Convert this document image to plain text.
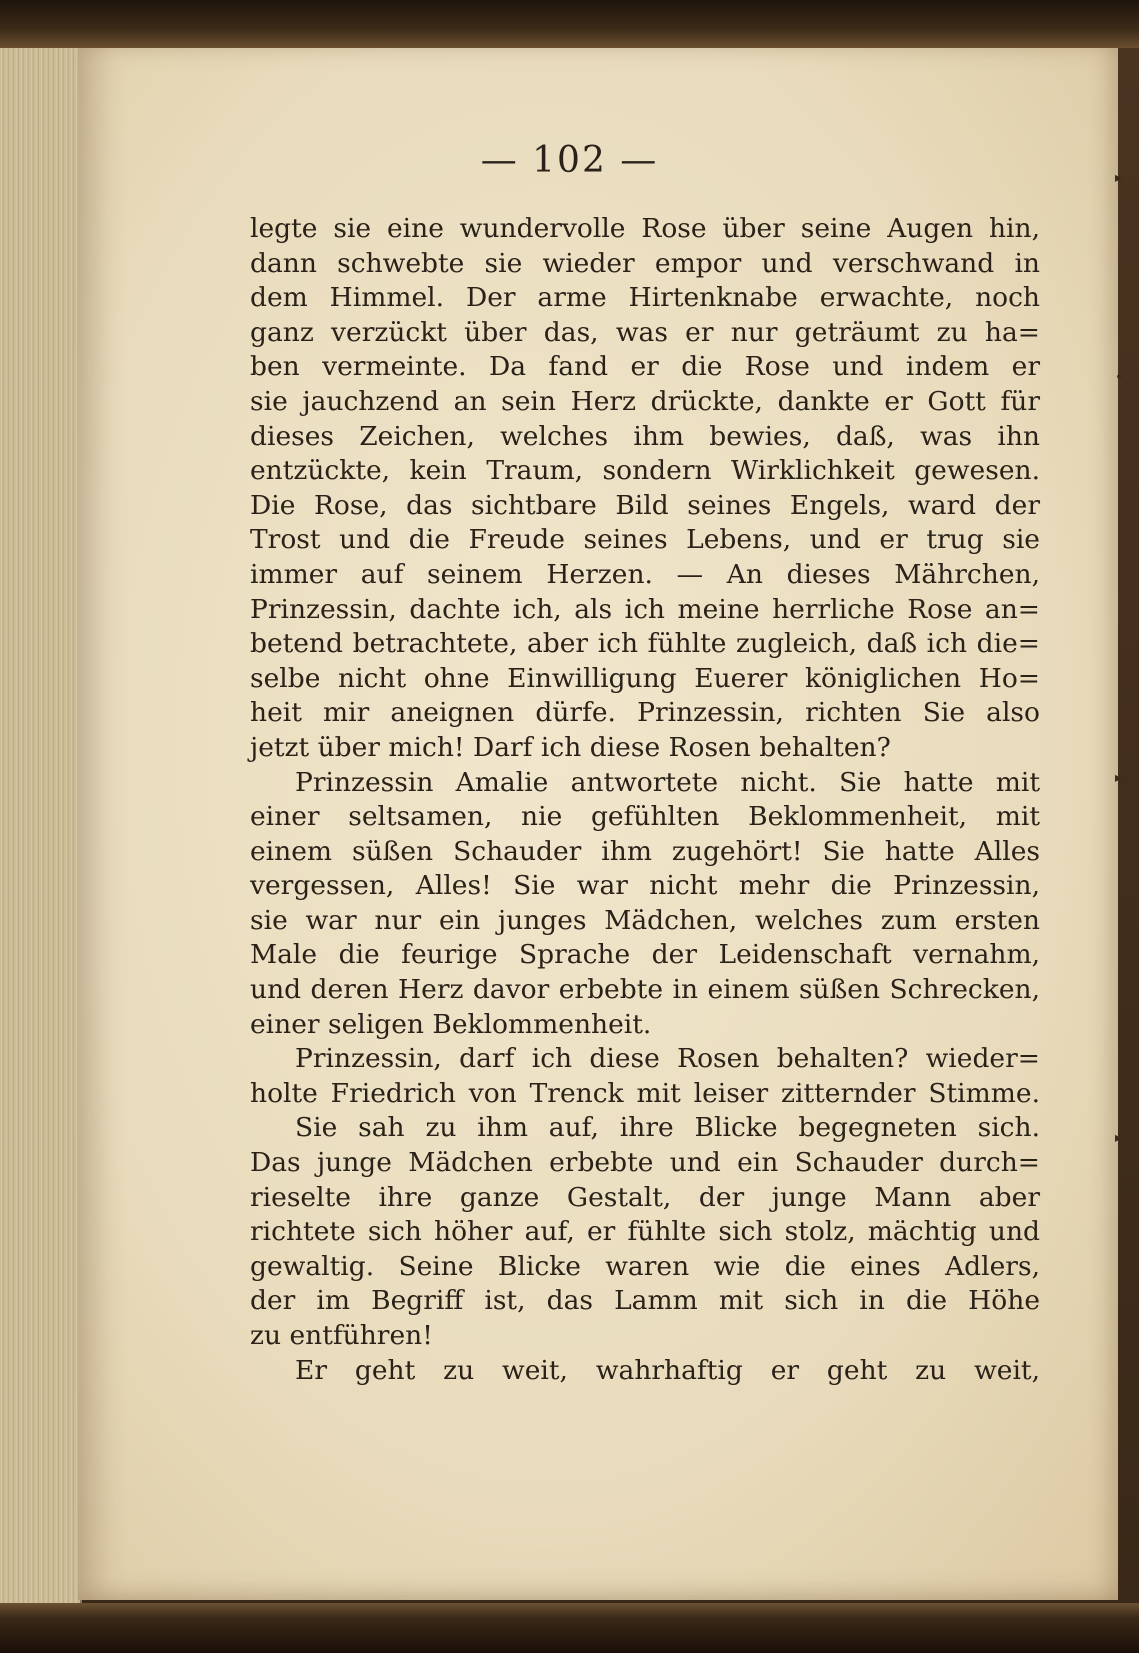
— 102 —
legte sie eine wundervolle Rose über seine Augen hin,
dann schwebte sie wieder empor und verschwand in
dem Himmel. Der arme Hirtenknabe erwachte, noch
ganz verzückt über das, was er nur geträumt zu ha=
ben vermeinte. Da fand er die Rose und indem er
sie jauchzend an sein Herz drückte, dankte er Gott für
dieses Zeichen, welches ihm bewies, daß, was ihn
entzückte, kein Traum, sondern Wirklichkeit gewesen.
Die Rose, das sichtbare Bild seines Engels, ward der
Trost und die Freude seines Lebens, und er trug sie
immer auf seinem Herzen. — An dieses Mährchen,
Prinzessin, dachte ich, als ich meine herrliche Rose an=
betend betrachtete, aber ich fühlte zugleich, daß ich die=
selbe nicht ohne Einwilligung Euerer königlichen Ho=
heit mir aneignen dürfe. Prinzessin, richten Sie also
jetzt über mich! Darf ich diese Rosen behalten?
Prinzessin Amalie antwortete nicht. Sie hatte mit
einer seltsamen, nie gefühlten Beklommenheit, mit
einem süßen Schauder ihm zugehört! Sie hatte Alles
vergessen, Alles! Sie war nicht mehr die Prinzessin,
sie war nur ein junges Mädchen, welches zum ersten
Male die feurige Sprache der Leidenschaft vernahm,
und deren Herz davor erbebte in einem süßen Schrecken,
einer seligen Beklommenheit.
Prinzessin, darf ich diese Rosen behalten? wieder=
holte Friedrich von Trenck mit leiser zitternder Stimme.
Sie sah zu ihm auf, ihre Blicke begegneten sich.
Das junge Mädchen erbebte und ein Schauder durch=
rieselte ihre ganze Gestalt, der junge Mann aber
richtete sich höher auf, er fühlte sich stolz, mächtig und
gewaltig. Seine Blicke waren wie die eines Adlers,
der im Begriff ist, das Lamm mit sich in die Höhe
zu entführen!
Er geht zu weit, wahrhaftig er geht zu weit,
▸
•
▸
▸
